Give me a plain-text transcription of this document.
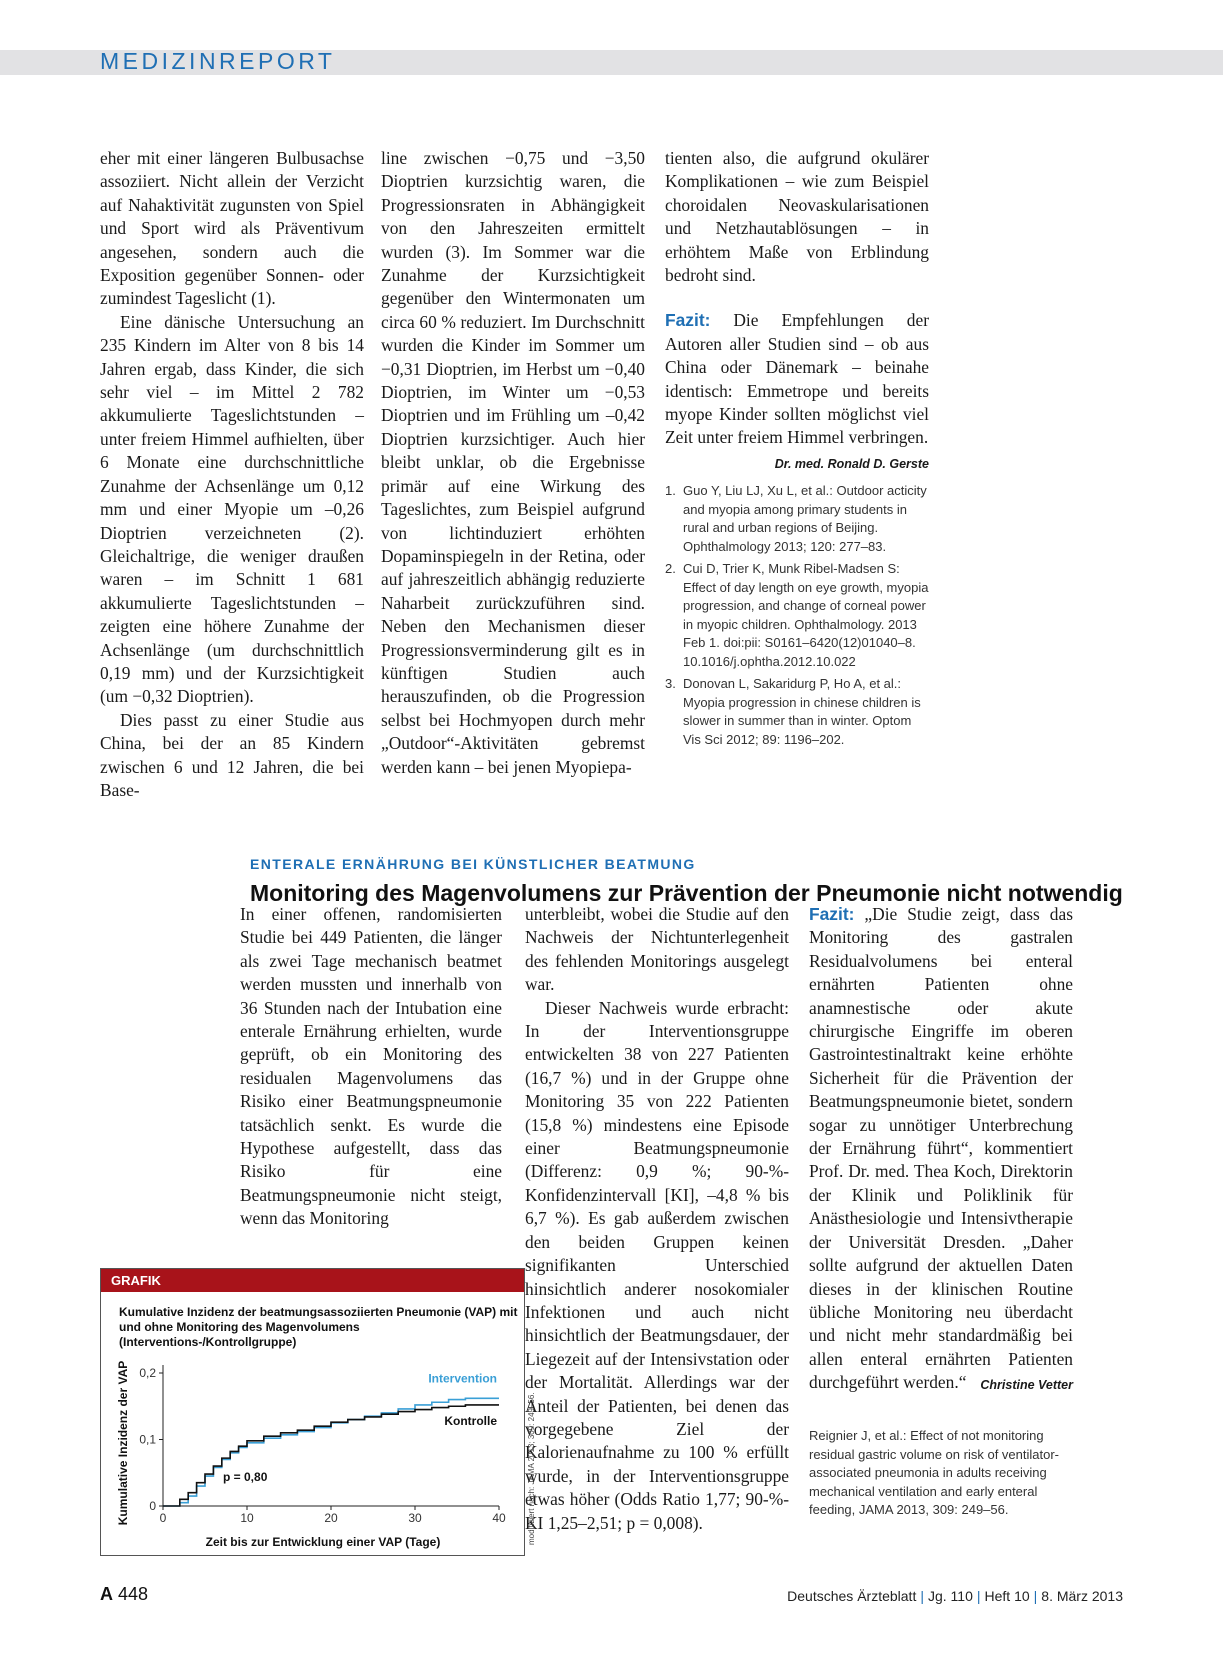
MEDIZINREPORT

eher mit einer längeren Bulbusachse assoziiert. Nicht allein der Verzicht auf Nahaktivität zugunsten von Spiel und Sport wird als Präventivum angesehen, sondern auch die Exposition gegenüber Sonnen- oder zumindest Tageslicht (1).

Eine dänische Untersuchung an 235 Kindern im Alter von 8 bis 14 Jahren ergab, dass Kinder, die sich sehr viel – im Mittel 2 782 akkumulierte Tageslichtstunden – unter freiem Himmel aufhielten, über 6 Monate eine durchschnittliche Zunahme der Achsenlänge um 0,12 mm und einer Myopie um –0,26 Dioptrien verzeichneten (2). Gleichaltrige, die weniger draußen waren – im Schnitt 1 681 akkumulierte Tageslichtstunden – zeigten eine höhere Zunahme der Achsenlänge (um durchschnittlich 0,19 mm) und der Kurzsichtigkeit (um −0,32 Dioptrien).

Dies passt zu einer Studie aus China, bei der an 85 Kindern zwischen 6 und 12 Jahren, die bei Base-

line zwischen −0,75 und −3,50 Dioptrien kurzsichtig waren, die Progressionsraten in Abhängigkeit von den Jahreszeiten ermittelt wurden (3). Im Sommer war die Zunahme der Kurzsichtigkeit gegenüber den Wintermonaten um circa 60 % reduziert. Im Durchschnitt wurden die Kinder im Sommer um −0,31 Dioptrien, im Herbst um −0,40 Dioptrien, im Winter um −0,53 Dioptrien und im Frühling um –0,42 Dioptrien kurzsichtiger. Auch hier bleibt unklar, ob die Ergebnisse primär auf eine Wirkung des Tageslichtes, zum Beispiel aufgrund von lichtinduziert erhöhten Dopaminspiegeln in der Retina, oder auf jahreszeitlich abhängig reduzierte Naharbeit zurückzuführen sind. Neben den Mechanismen dieser Progressionsverminderung gilt es in künftigen Studien auch herauszufinden, ob die Progression selbst bei Hochmyopen durch mehr „Outdoor“-Aktivitäten gebremst werden kann – bei jenen Myopiepa-

tienten also, die aufgrund okulärer Komplikationen – wie zum Beispiel choroidalen Neovaskularisationen und Netzhautablösungen – in erhöhtem Maße von Erblindung bedroht sind.

Fazit: Die Empfehlungen der Autoren aller Studien sind – ob aus China oder Dänemark – beinahe identisch: Emmetrope und bereits myope Kinder sollten möglichst viel Zeit unter freiem Himmel verbringen.
Dr. med. Ronald D. Gerste

1. Guo Y, Liu LJ, Xu L, et al.: Outdoor acticity and myopia among primary students in rural and urban regions of Beijing. Ophthalmology 2013; 120: 277–83.
2. Cui D, Trier K, Munk Ribel-Madsen S: Effect of day length on eye growth, myopia progression, and change of corneal power in myopic children. Ophthalmology. 2013 Feb 1. doi:pii: S0161–6420(12)01040–8. 10.1016/j.ophtha.2012.10.022
3. Donovan L, Sakaridurg P, Ho A, et al.: Myopia progression in chinese children is slower in summer than in winter. Optom Vis Sci 2012; 89: 1196–202.
ENTERALE ERNÄHRUNG BEI KÜNSTLICHER BEATMUNG
Monitoring des Magenvolumens zur Prävention der Pneumonie nicht notwendig

In einer offenen, randomisierten Studie bei 449 Patienten, die länger als zwei Tage mechanisch beatmet werden mussten und innerhalb von 36 Stunden nach der Intubation eine enterale Ernährung erhielten, wurde geprüft, ob ein Monitoring des residualen Magenvolumens das Risiko einer Beatmungspneumonie tatsächlich senkt. Es wurde die Hypothese aufgestellt, dass das Risiko für eine Beatmungspneumonie nicht steigt, wenn das Monitoring

unterbleibt, wobei die Studie auf den Nachweis der Nichtunterlegenheit des fehlenden Monitorings ausgelegt war.

Dieser Nachweis wurde erbracht: In der Interventionsgruppe entwickelten 38 von 227 Patienten (16,7 %) und in der Gruppe ohne Monitoring 35 von 222 Patienten (15,8 %) mindestens eine Episode einer Beatmungspneumonie (Differenz: 0,9 %; 90-%-Konfidenzintervall [KI], –4,8 % bis 6,7 %). Es gab außerdem zwischen den beiden Gruppen keinen signifikanten Unterschied hinsichtlich anderer nosokomialer Infektionen und auch nicht hinsichtlich der Beatmungsdauer, der Liegezeit auf der Intensivstation oder der Mortalität. Allerdings war der Anteil der Patienten, bei denen das vorgegebene Ziel der Kalorienaufnahme zu 100 % erfüllt wurde, in der Interventionsgruppe etwas höher (Odds Ratio 1,77; 90-%-KI 1,25–2,51; p = 0,008).

Fazit: „Die Studie zeigt, dass das Monitoring des gastralen Residualvolumens bei enteral ernährten Patienten ohne anamnestische oder akute chirurgische Eingriffe im oberen Gastrointestinaltrakt keine erhöhte Sicherheit für die Prävention der Beatmungspneumonie bietet, sondern sogar zu unnötiger Unterbrechung der Ernährung führt“, kommentiert Prof. Dr. med. Thea Koch, Direktorin der Klinik und Poliklinik für Anästhesiologie und Intensivtherapie der Universität Dresden. „Daher sollte aufgrund der aktuellen Daten dieses in der klinischen Routine übliche Monitoring neu überdacht und nicht mehr standardmäßig bei allen enteral ernährten Patienten durchgeführt werden.“ Christine Vetter

Reignier J, et al.: Effect of not monitoring residual gastric volume on risk of ventilator-associated pneumonia in adults receiving mechanical ventilation and early enteral feeding, JAMA 2013, 309: 249–56.
GRAFIK
Kumulative Inzidenz der beatmungsassoziierten Pneumonie (VAP) mit und ohne Monitoring des Magenvolumens (Interventions-/Kontrollgruppe)
Kumulative Inzidenz der VAP
Zeit bis zur Entwicklung einer VAP (Tage)
p = 0,80
0
0,1
0,2
0	10	20	30	40
Intervention
Kontrolle	modifiziert nach: JAMA 2013; 309: 249–56.
A 448	Deutsches Ärzteblatt | Jg. 110 | Heft 10 | 8. März 2013
